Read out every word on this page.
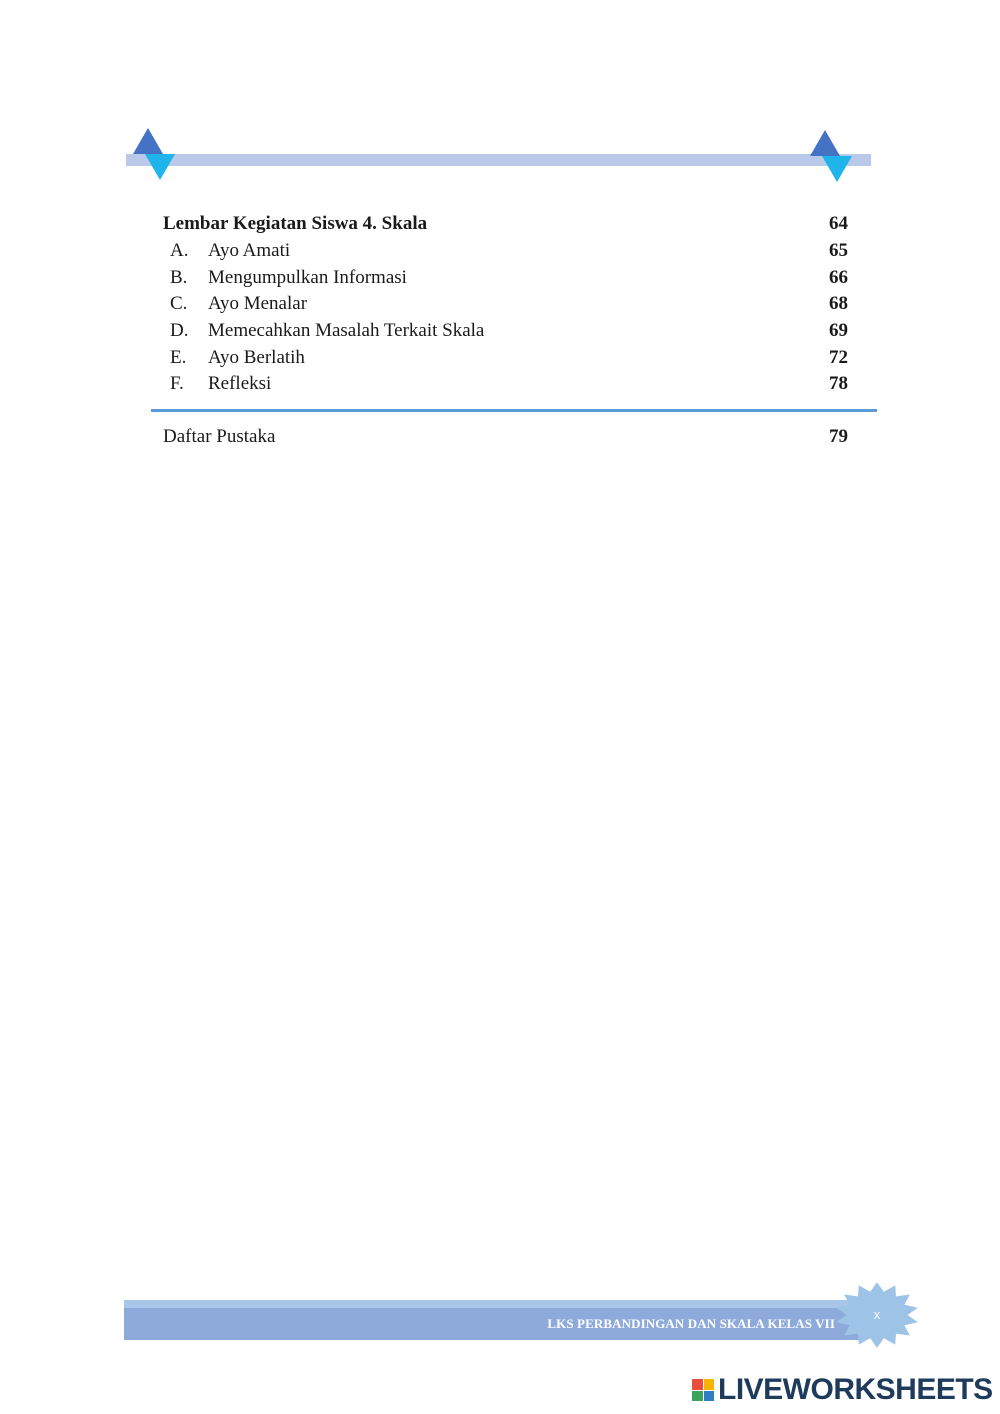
Lembar Kegiatan Siswa 4. Skala	64
A. Ayo Amati	65
B. Mengumpulkan Informasi	66
C. Ayo Menalar	68
D. Memecahkan Masalah Terkait Skala	69
E. Ayo Berlatih	72
F. Refleksi	78
Daftar Pustaka	79
LKS PERBANDINGAN DAN SKALA KELAS VII
x
LIVEWORKSHEETS
